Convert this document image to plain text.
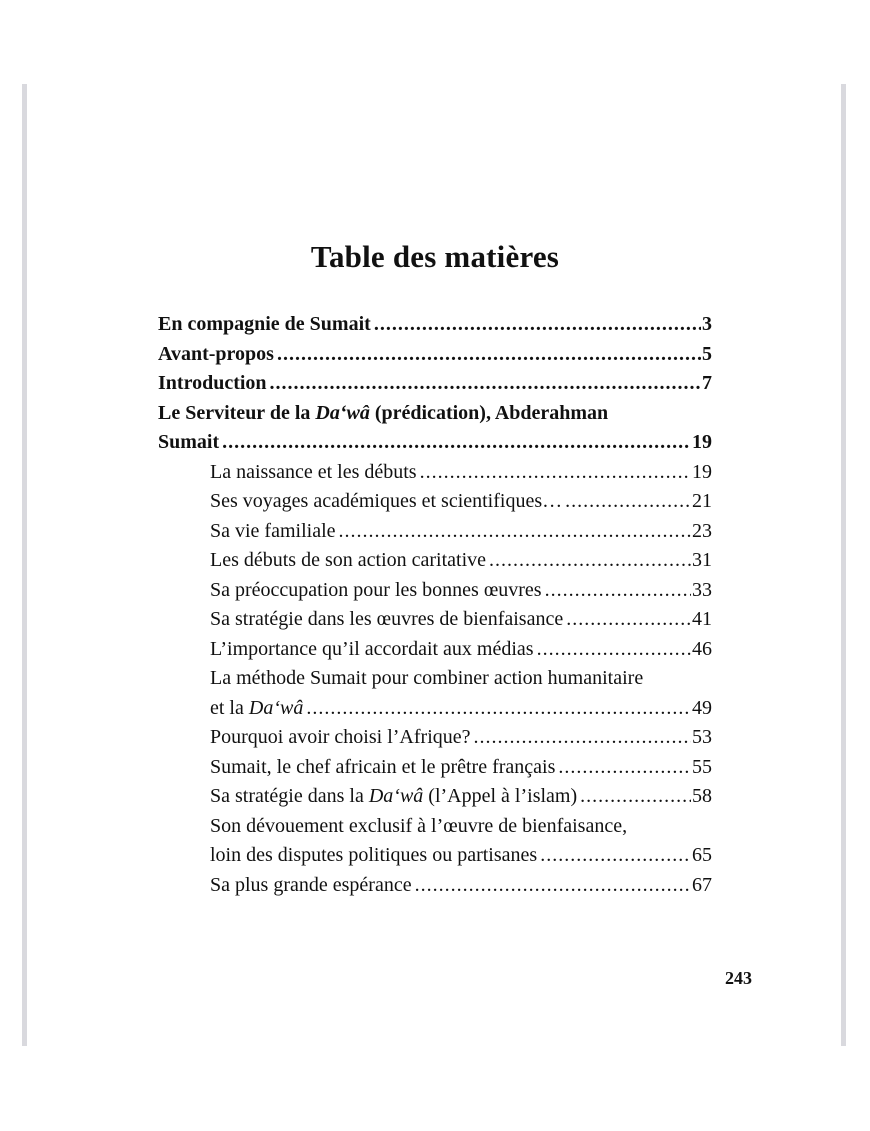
Table des matières
En compagnie de Sumait .....	3
Avant-propos .....	5
Introduction .....	7
Le Serviteur de la Da‘wâ (prédication), Abderahman
Sumait .....	19
La naissance et les débuts .....	19
Ses voyages académiques et scientifiques… .....	21
Sa vie familiale .....	23
Les débuts de son action caritative .....	31
Sa préoccupation pour les bonnes œuvres .....	33
Sa stratégie dans les œuvres de bienfaisance .....	41
L’importance qu’il accordait aux médias .....	46
La méthode Sumait pour combiner action humanitaire
et la Da‘wâ .....	49
Pourquoi avoir choisi l’Afrique? .....	53
Sumait, le chef africain et le prêtre français .....	55
Sa stratégie dans la Da‘wâ (l’Appel à l’islam) .....	58
Son dévouement exclusif à l’œuvre de bienfaisance,
loin des disputes politiques ou partisanes .....	65
Sa plus grande espérance .....	67
243
